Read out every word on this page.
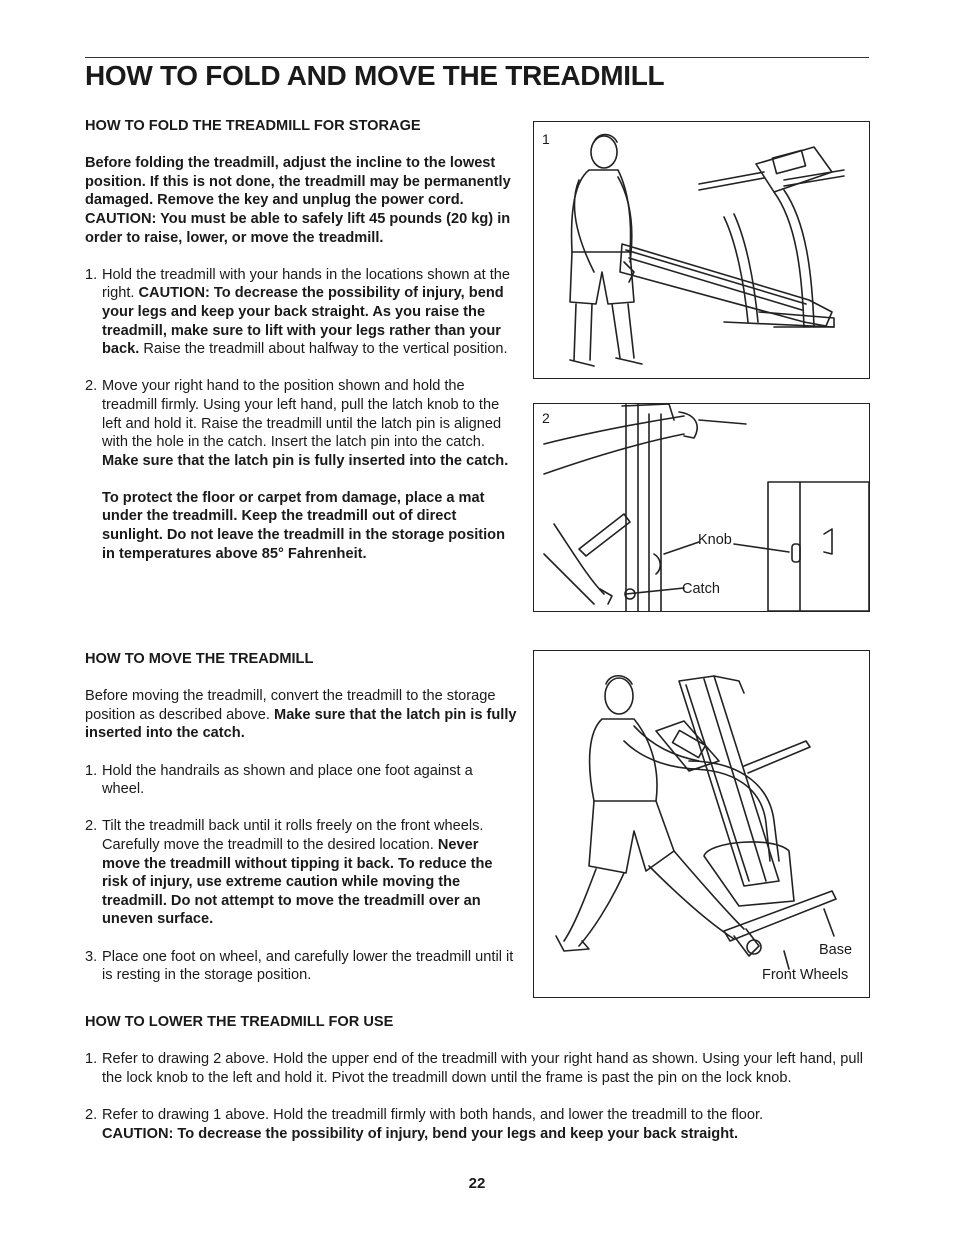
HOW TO FOLD AND MOVE THE TREADMILL
HOW TO FOLD THE TREADMILL FOR STORAGE
Before folding the treadmill, adjust the incline to the lowest position. If this is not done, the treadmill may be permanently damaged. Remove the key and unplug the power cord. CAUTION: You must be able to safely lift 45 pounds (20 kg) in order to raise, lower, or move the treadmill.
1. Hold the treadmill with your hands in the locations shown at the right. CAUTION: To decrease the possibility of injury, bend your legs and keep your back straight. As you raise the treadmill, make sure to lift with your legs rather than your back. Raise the treadmill about halfway to the vertical position.
2. Move your right hand to the position shown and hold the treadmill firmly. Using your left hand, pull the latch knob to the left and hold it. Raise the treadmill until the latch pin is aligned with the hole in the catch. Insert the latch pin into the catch. Make sure that the latch pin is fully inserted into the catch.
To protect the floor or carpet from damage, place a mat under the treadmill. Keep the treadmill out of direct sunlight. Do not leave the treadmill in the storage position in temperatures above 85° Fahrenheit.
HOW TO MOVE THE TREADMILL
Before moving the treadmill, convert the treadmill to the storage position as described above. Make sure that the latch pin is fully inserted into the catch.
1. Hold the handrails as shown and place one foot against a wheel.
2. Tilt the treadmill back until it rolls freely on the front wheels. Carefully move the treadmill to the desired location. Never move the treadmill without tipping it back. To reduce the risk of injury, use extreme caution while moving the treadmill. Do not attempt to move the treadmill over an uneven surface.
3. Place one foot on wheel, and carefully lower the treadmill until it is resting in the storage position.
HOW TO LOWER THE TREADMILL FOR USE
1. Refer to drawing 2 above. Hold the upper end of the treadmill with your right hand as shown. Using your left hand, pull the lock knob to the left and hold it. Pivot the treadmill down until the frame is past the pin on the lock knob.
2. Refer to drawing 1 above. Hold the treadmill firmly with both hands, and lower the treadmill to the floor.
CAUTION: To decrease the possibility of injury, bend your legs and keep your back straight.
1
2
Knob
Catch
Base
Front Wheels
22
